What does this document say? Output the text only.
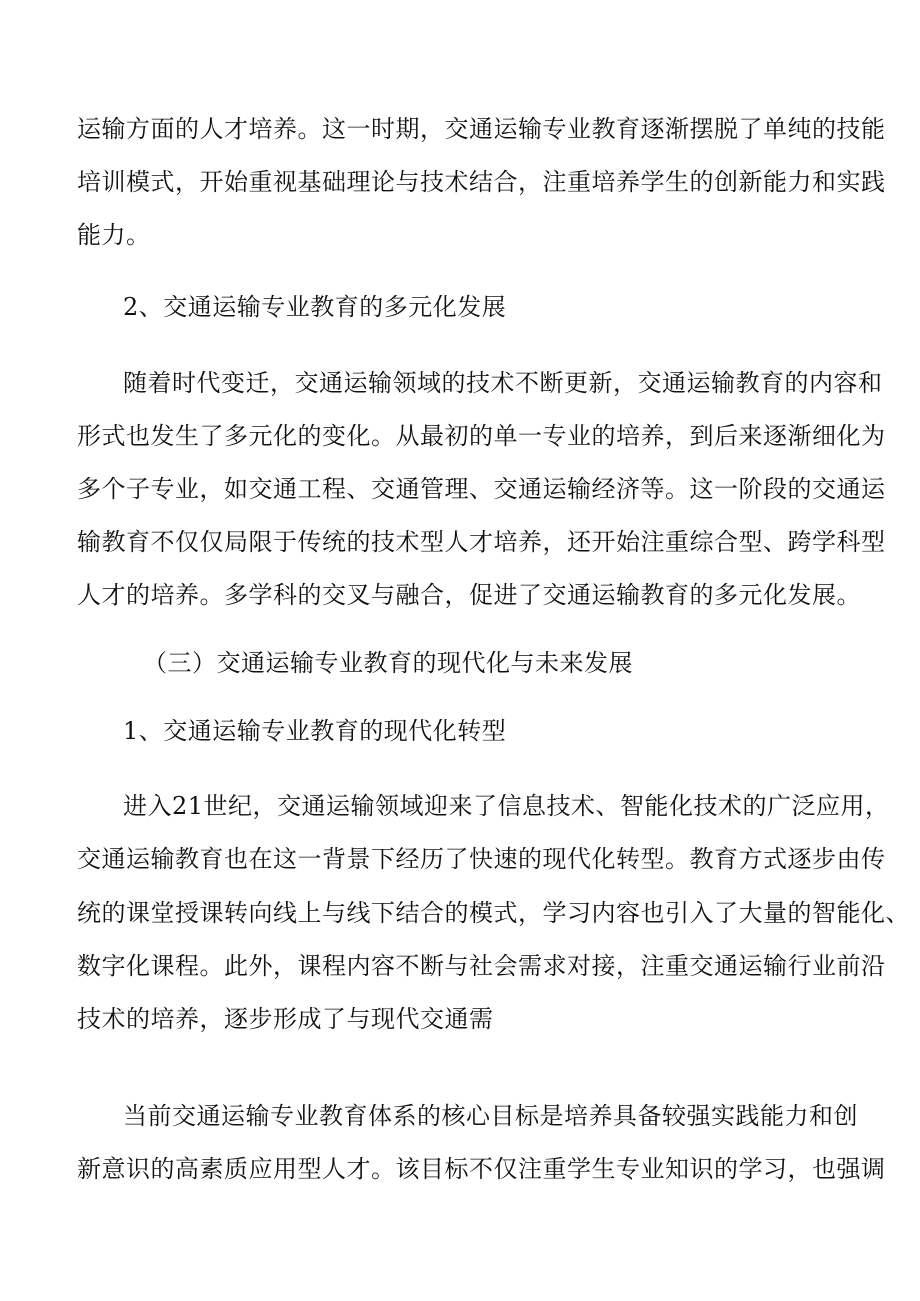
运输方面的人才培养。这一时期，交通运输专业教育逐渐摆脱了单纯的技能
培训模式，开始重视基础理论与技术结合，注重培养学生的创新能力和实践
能力。
2、交通运输专业教育的多元化发展
随着时代变迁，交通运输领域的技术不断更新，交通运输教育的内容和
形式也发生了多元化的变化。从最初的单一专业的培养，到后来逐渐细化为
多个子专业，如交通工程、交通管理、交通运输经济等。这一阶段的交通运
输教育不仅仅局限于传统的技术型人才培养，还开始注重综合型、跨学科型
人才的培养。多学科的交叉与融合，促进了交通运输教育的多元化发展。
（三）交通运输专业教育的现代化与未来发展
1、交通运输专业教育的现代化转型
进入21世纪，交通运输领域迎来了信息技术、智能化技术的广泛应用，
交通运输教育也在这一背景下经历了快速的现代化转型。教育方式逐步由传
统的课堂授课转向线上与线下结合的模式，学习内容也引入了大量的智能化、
数字化课程。此外，课程内容不断与社会需求对接，注重交通运输行业前沿
技术的培养，逐步形成了与现代交通需
当前交通运输专业教育体系的核心目标是培养具备较强实践能力和创
新意识的高素质应用型人才。该目标不仅注重学生专业知识的学习，也强调
